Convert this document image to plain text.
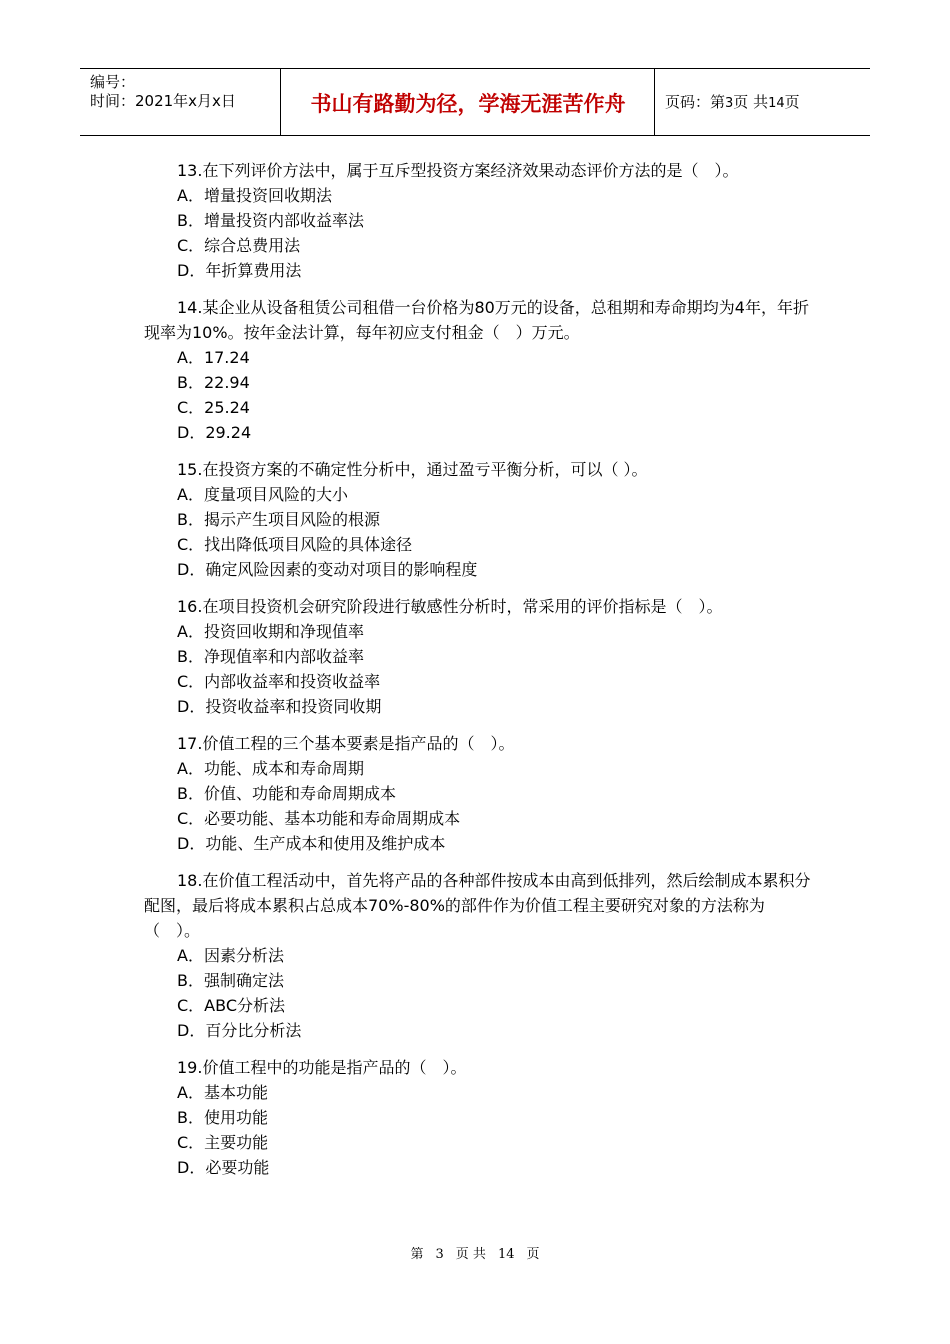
编号：
时间：2021年x月x日	书山有路勤为径，学海无涯苦作舟	页码：第3页 共14页

13.在下列评价方法中，属于互斥型投资方案经济效果动态评价方法的是（　）。

A．增量投资回收期法

B．增量投资内部收益率法

C．综合总费用法

D．年折算费用法

14.某企业从设备租赁公司租借一台价格为80万元的设备，总租期和寿命期均为4年，年折现率为10%。按年金法计算，每年初应支付租金（　）万元。

A．17.24

B．22.94

C．25.24

D．29.24

15.在投资方案的不确定性分析中，通过盈亏平衡分析，可以（ ）。

A．度量项目风险的大小

B．揭示产生项目风险的根源

C．找出降低项目风险的具体途径

D．确定风险因素的变动对项目的影响程度

16.在项目投资机会研究阶段进行敏感性分析时，常采用的评价指标是（　）。

A．投资回收期和净现值率

B．净现值率和内部收益率

C．内部收益率和投资收益率

D．投资收益率和投资同收期

17.价值工程的三个基本要素是指产品的（　）。

A．功能、成本和寿命周期

B．价值、功能和寿命周期成本

C．必要功能、基本功能和寿命周期成本

D．功能、生产成本和使用及维护成本

18.在价值工程活动中，首先将产品的各种部件按成本由高到低排列，然后绘制成本累积分配图，最后将成本累积占总成本70%-80%的部件作为价值工程主要研究对象的方法称为（　）。

A．因素分析法

B．强制确定法

C．ABC分析法

D．百分比分析法

19.价值工程中的功能是指产品的（　）。

A．基本功能

B．使用功能

C．主要功能

D．必要功能

第 3 页 共 14 页
